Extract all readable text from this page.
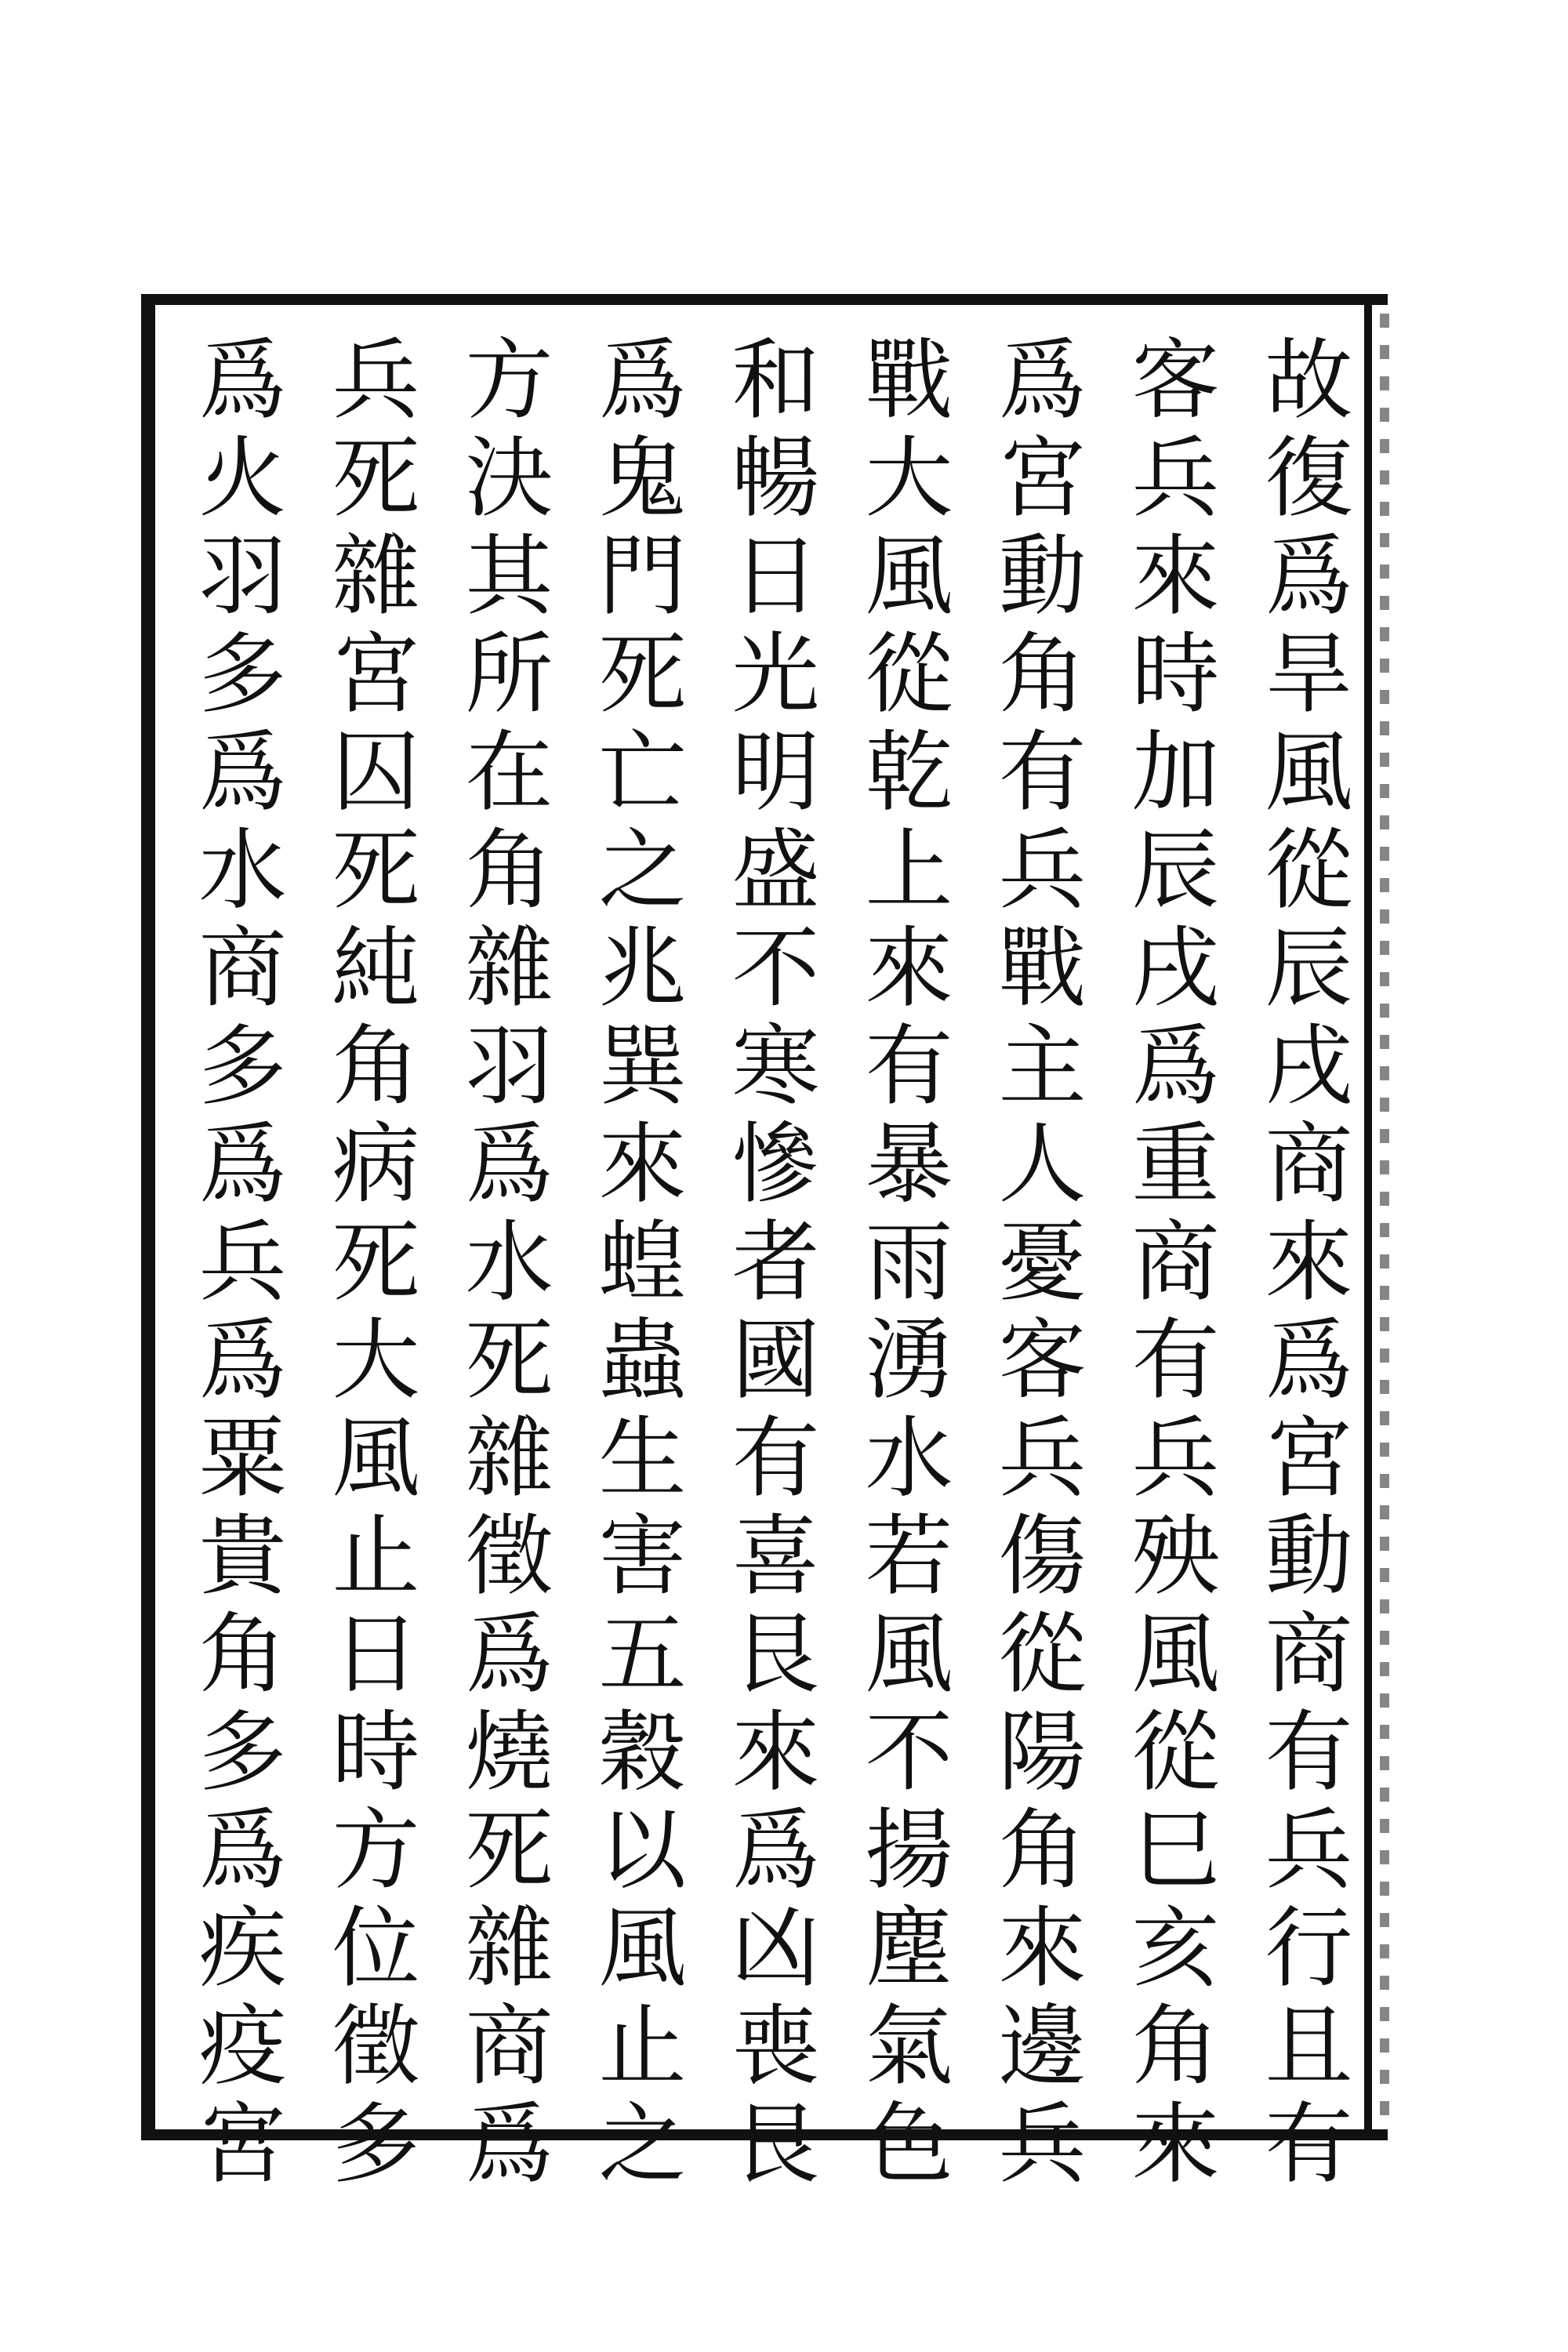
故復爲旱風從辰戌商來爲宮動商有兵行且有
客兵來時加辰戌爲重商有兵殃風從巳亥角來
爲宮動角有兵戰主人憂客兵傷從陽角來邊兵
戰大風從乾上來有暴雨湧水若風不揚塵氣色
和暢日光明盛不寒慘者國有喜艮來爲凶喪艮
爲鬼門死亡之兆巽來蝗蟲生害五穀以風止之
方決其所在角雜羽爲水死雜徵爲燒死雜商爲
兵死雜宮囚死純角病死大風止日時方位徵多
爲火羽多爲水商多爲兵爲粟貴角多爲疾疫宮
